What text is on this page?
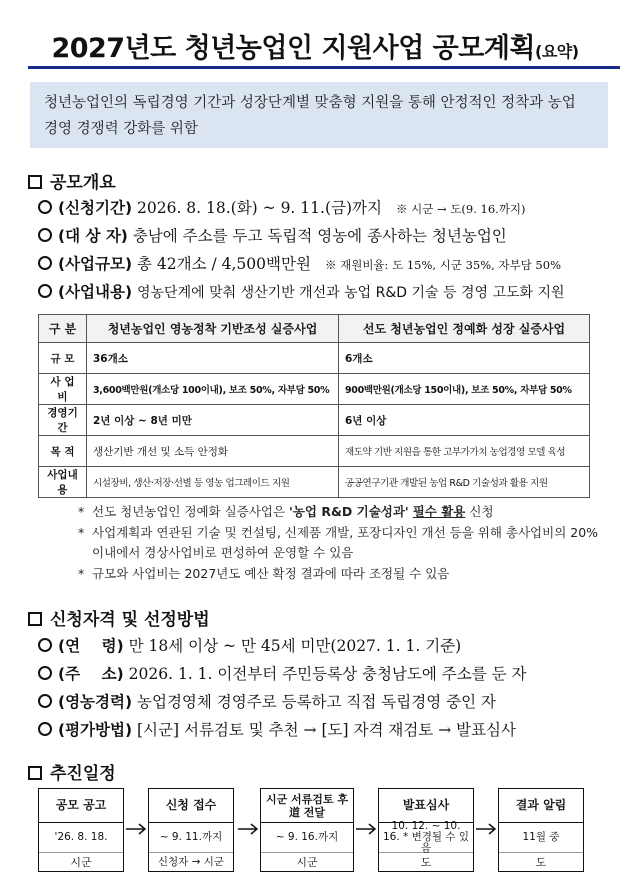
2027년도 청년농업인 지원사업 공모계획(요약)
청년농업인의 독립경영 기간과 성장단계별 맞춤형 지원을 통해 안정적인 정착과 농업 경영 경쟁력 강화를 위함
공모개요
(신청기간) 2026. 8. 18.(화) ~ 9. 11.(금)까지 ※ 시군 → 도(9. 16.까지)
(대 상 자) 충남에 주소를 두고 독립적 영농에 종사하는 청년농업인
(사업규모) 총 42개소 / 4,500백만원 ※ 재원비율: 도 15%, 시군 35%, 자부담 50%
(사업내용) 영농단계에 맞춰 생산기반 개선과 농업 R&D 기술 등 경영 고도화 지원
구 분	청년농업인 영농정착 기반조성 실증사업	선도 청년농업인 정예화 성장 실증사업
규 모	36개소	6개소
사 업 비	3,600백만원(개소당 100이내), 보조 50%, 자부담 50%	900백만원(개소당 150이내), 보조 50%, 자부담 50%
경영기간	2년 이상 ~ 8년 미만	6년 이상
목 적	생산기반 개선 및 소득 안정화	재도약 기반 지원을 통한 고부가가치 농업경영 모델 육성
사업내용	시설장비, 생산·저장·선별 등 영농 업그레이드 지원	공공연구기관 개발된 농업 R&D 기술성과 활용 지원
* 선도 청년농업인 정예화 실증사업은 '농업 R&D 기술성과' 필수 활용 신청
* 사업계획과 연관된 기술 및 컨설팅, 신제품 개발, 포장디자인 개선 등을 위해 총사업비의 20% 이내에서 경상사업비로 편성하여 운영할 수 있음
* 규모와 사업비는 2027년도 예산 확정 결과에 따라 조정될 수 있음
신청자격 및 선정방법
(연    령) 만 18세 이상 ~ 만 45세 미만(2027. 1. 1. 기준)
(주    소) 2026. 1. 1. 이전부터 주민등록상 충청남도에 주소를 둔 자
(영농경력) 농업경영체 경영주로 등록하고 직접 독립경영 중인 자
(평가방법) [시군] 서류검토 및 추천 → [도] 자격 재검토 → 발표심사
추진일정
공모 공고
'26. 8. 18.
시군
신청 접수
~ 9. 11.까지
신청자 → 시군
시군 서류검토 후 道 전달
~ 9. 16.까지
시군
발표심사
10. 12. ~ 10. 16. * 변경될 수 있음
도
결과 알림
11월 중
도
